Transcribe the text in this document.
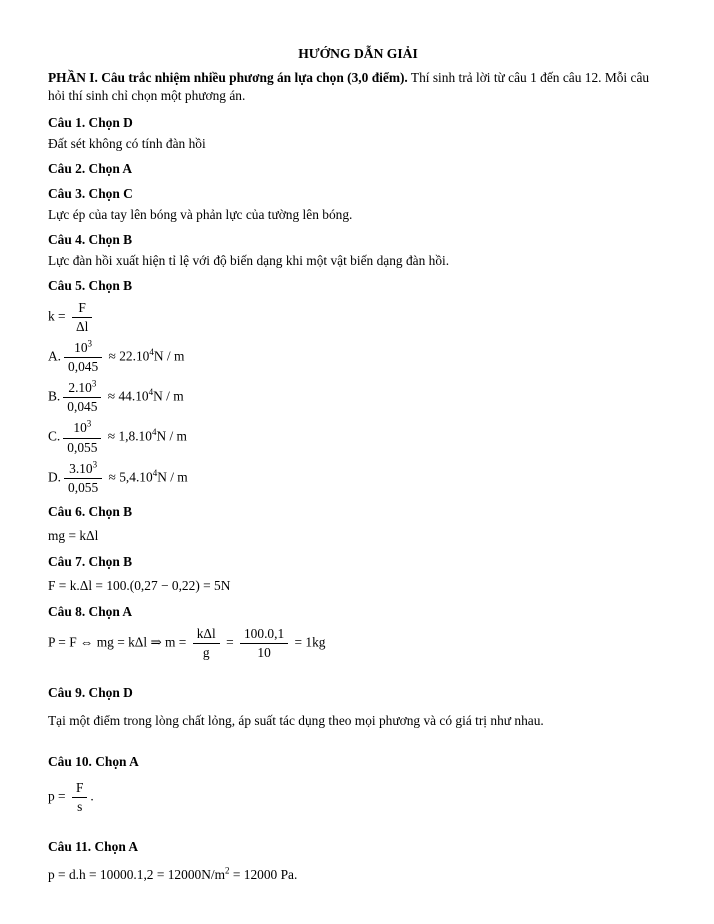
HƯỚNG DẪN GIẢI

PHẦN I. Câu trắc nhiệm nhiều phương án lựa chọn (3,0 điểm). Thí sinh trả lời từ câu 1 đến câu 12. Mỗi câu hỏi thí sinh chỉ chọn một phương án.

Câu 1. Chọn D

Đất sét không có tính đàn hồi

Câu 2. Chọn A
Câu 3. Chọn C

Lực ép của tay lên bóng và phản lực của tường lên bóng.

Câu 4. Chọn B

Lực đàn hồi xuất hiện tỉ lệ với độ biến dạng khi một vật biến dạng đàn hồi.

Câu 5. Chọn B
$k = \frac{F}{\Delta l}$
A. $\frac{10^3}{0,045} \approx 22.10^4N / m$
B. $\frac{2.10^3}{0,045} \approx 44.10^4N / m$
C. $\frac{10^3}{0,055} \approx 1,8.10^4N / m$
D. $\frac{3.10^3}{0,055} \approx 5,4.10^4N / m$
Câu 6. Chọn B
mg = kΔl
Câu 7. Chọn B
F = k.Δl = 100.(0,27 − 0,22) = 5N
Câu 8. Chọn A
P = F ⇔ mg = kΔl ⇒ $m = \frac{\text{kΔl}}{g} = \frac{100.0,1}{10} = 1kg$
Câu 9. Chọn D

Tại một điểm trong lòng chất lỏng, áp suất tác dụng theo mọi phương và có giá trị như nhau.

Câu 10. Chọn A
$p = \frac{F}{s}$ .
Câu 11. Chọn A
$p = d.h = 10000.1,2 = 12000N/m^2 = 12000$ Pa.
